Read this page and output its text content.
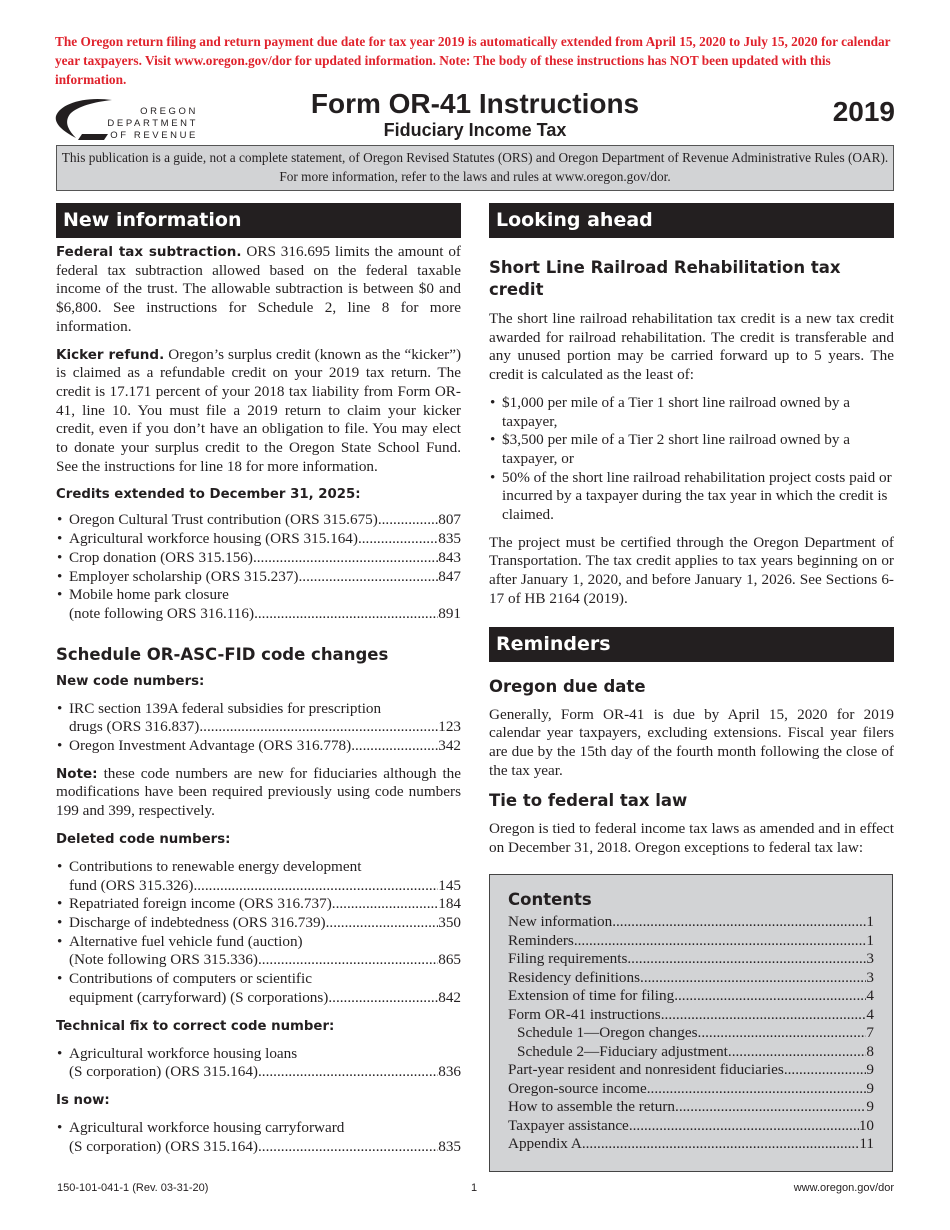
The Oregon return filing and return payment due date for tax year 2019 is automatically extended from April 15, 2020 to July 15, 2020 for calendar year taxpayers. Visit www.oregon.gov/dor for updated information. Note: The body of these instructions has NOT been updated with this information.
OREGON
DEPARTMENT
OF REVENUE
Form OR-41 Instructions
Fiduciary Income Tax
2019
This publication is a guide, not a complete statement, of Oregon Revised Statutes (ORS) and Oregon Department of Revenue Administrative Rules (OAR). For more information, refer to the laws and rules at www.oregon.gov/dor.
New information

Federal tax subtraction. ORS 316.695 limits the amount of federal tax subtraction allowed based on the federal taxable income of the trust. The allowable subtraction is between $0 and $6,800. See instructions for Schedule 2, line 8 for more information.

Kicker refund. Oregon’s surplus credit (known as the “kicker”) is claimed as a refundable credit on your 2019 tax return. The credit is 17.171 percent of your 2018 tax liability from Form OR-41, line 10. You must file a 2019 return to claim your kicker credit, even if you don’t have an obligation to file. You may elect to donate your surplus credit to the Oregon State School Fund. See the instructions for line 18 for more information.

Credits extended to December 31, 2025:
• Oregon Cultural Trust contribution (ORS 315.675) .....	807
• Agricultural workforce housing (ORS 315.164) .....	835
• Crop donation (ORS 315.156) .....	843
• Employer scholarship (ORS 315.237) .....	847
• Mobile home park closure
(note following ORS 316.116) .....	891
Schedule OR-ASC-FID code changes
New code numbers:
• IRC section 139A federal subsidies for prescription
drugs (ORS 316.837) .....	123
• Oregon Investment Advantage (ORS 316.778) .....	342

Note: these code numbers are new for fiduciaries although the modifications have been required previously using code numbers 199 and 399, respectively.

Deleted code numbers:
• Contributions to renewable energy development
fund (ORS 315.326) .....	145
• Repatriated foreign income (ORS 316.737) .....	184
• Discharge of indebtedness (ORS 316.739) .....	350
• Alternative fuel vehicle fund (auction)
(Note following ORS 315.336) .....	865
• Contributions of computers or scientific
equipment (carryforward) (S corporations) .....	842
Technical fix to correct code number:
• Agricultural workforce housing loans
(S corporation) (ORS 315.164) .....	836
Is now:
• Agricultural workforce housing carryforward
(S corporation) (ORS 315.164) .....	835
Looking ahead
Short Line Railroad Rehabilitation tax credit

The short line railroad rehabilitation tax credit is a new tax credit awarded for railroad rehabilitation. The credit is transferable and any unused portion may be carried forward up to 5 years. The credit is calculated as the least of:

• $1,000 per mile of a Tier 1 short line railroad owned by a taxpayer,
• $3,500 per mile of a Tier 2 short line railroad owned by a taxpayer, or
• 50% of the short line railroad rehabilitation project costs paid or incurred by a taxpayer during the tax year in which the credit is claimed.

The project must be certified through the Oregon Department of Transportation. The tax credit applies to tax years beginning on or after January 1, 2020, and before January 1, 2026. See Sections 6-17 of HB 2164 (2019).

Reminders
Oregon due date

Generally, Form OR-41 is due by April 15, 2020 for 2019 calendar year taxpayers, excluding extensions. Fiscal year filers are due by the 15th day of the fourth month following the close of the tax year.

Tie to federal tax law

Oregon is tied to federal income tax laws as amended and in effect on December 31, 2018. Oregon exceptions to federal tax law:

Contents
New information .....	1
Reminders .....	1
Filing requirements .....	3
Residency definitions .....	3
Extension of time for filing .....	4
Form OR-41 instructions .....	4
Schedule 1—Oregon changes .....	7
Schedule 2—Fiduciary adjustment .....	8
Part-year resident and nonresident fiduciaries .....	9
Oregon-source income .....	9
How to assemble the return .....	9
Taxpayer assistance .....	10
Appendix A .....	11
150-101-041-1 (Rev. 03-31-20)	1	www.oregon.gov/dor
